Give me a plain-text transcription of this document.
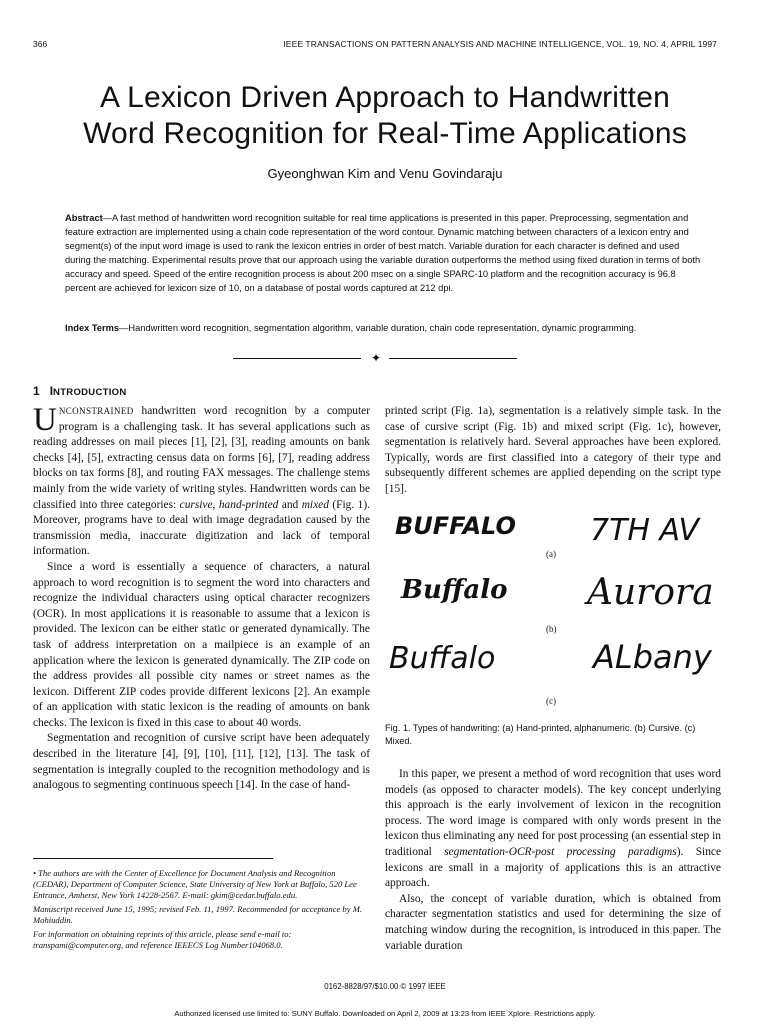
366	IEEE TRANSACTIONS ON PATTERN ANALYSIS AND MACHINE INTELLIGENCE, VOL. 19, NO. 4, APRIL 1997
A Lexicon Driven Approach to Handwritten
Word Recognition for Real-Time Applications
Gyeonghwan Kim and Venu Govindaraju
Abstract—A fast method of handwritten word recognition suitable for real time applications is presented in this paper. Preprocessing, segmentation and feature extraction are implemented using a chain code representation of the word contour. Dynamic matching between characters of a lexicon entry and segment(s) of the input word image is used to rank the lexicon entries in order of best match. Variable duration for each character is defined and used during the matching. Experimental results prove that our approach using the variable duration outperforms the method using fixed duration in terms of both accuracy and speed. Speed of the entire recognition process is about 200 msec on a single SPARC-10 platform and the recognition accuracy is 96.8 percent are achieved for lexicon size of 10, on a database of postal words captured at 212 dpi.
Index Terms—Handwritten word recognition, segmentation algorithm, variable duration, chain code representation, dynamic programming.
✦
1 INTRODUCTION

UNCONSTRAINED handwritten word recognition by a computer program is a challenging task. It has several applications such as reading addresses on mail pieces [1], [2], [3], reading amounts on bank checks [4], [5], extracting census data on forms [6], [7], reading address blocks on tax forms [8], and routing FAX messages. The challenge stems mainly from the wide variety of writing styles. Handwritten words can be classified into three categories: cursive, hand-printed and mixed (Fig. 1). Moreover, programs have to deal with image degradation caused by the transmission media, inaccurate digitization and lack of temporal information.

Since a word is essentially a sequence of characters, a natural approach to word recognition is to segment the word into characters and recognize the individual characters using optical character recognizers (OCR). In most applications it is reasonable to assume that a lexicon is provided. The lexicon can be either static or generated dynamically. The task of address interpretation on a mailpiece is an example of an application where the lexicon is generated dynamically. The ZIP code on the address provides all possible city names or street names as the lexicon. Different ZIP codes provide different lexicons [2]. An example of an application with static lexicon is the reading of amounts on bank checks. The lexicon is fixed in this case to about 40 words.

Segmentation and recognition of cursive script have been adequately described in the literature [4], [9], [10], [11], [12], [13]. The task of segmentation is integrally coupled to the recognition methodology and is analogous to segmenting continuous speech [14]. In the case of hand-

• The authors are with the Center of Excellence for Document Analysis and Recognition (CEDAR), Department of Computer Science, State University of New York at Buffalo, 520 Lee Entrance, Amherst, New York 14228-2567. E-mail: gkim@cedar.buffalo.edu.

Manuscript received June 15, 1995; revised Feb. 11, 1997. Recommended for acceptance by M. Mohiuddin.

For information on obtaining reprints of this article, please send e-mail to: transpami@computer.org, and reference IEEECS Log Number104068.0.

printed script (Fig. 1a), segmentation is a relatively simple task. In the case of cursive script (Fig. 1b) and mixed script (Fig. 1c), however, segmentation is relatively hard. Several approaches have been explored. Typically, words are first classified into a category of their type and subsequently different schemes are applied depending on the script type [15].
BUFFALO 7TH AV
Buffalo Aurora
Buffalo	ALbany
(a)
(b)
(c)
Fig. 1. Types of handwriting: (a) Hand-printed, alphanumeric. (b) Cursive. (c) Mixed.

In this paper, we present a method of word recognition that uses word models (as opposed to character models). The key concept underlying this approach is the early involvement of lexicon in the recognition process. The word image is compared with only words present in the lexicon thus eliminating any need for post processing (an essential step in traditional segmentation-OCR-post processing paradigms). Since lexicons are small in a majority of applications this is an attractive approach.

Also, the concept of variable duration, which is obtained from character segmentation statistics and used for determining the size of matching window during the recognition, is introduced in this paper. The variable duration

0162-8828/97/$10.00 © 1997 IEEE
Authorized licensed use limited to: SUNY Buffalo. Downloaded on April 2, 2009 at 13:23 from IEEE Xplore. Restrictions apply.
